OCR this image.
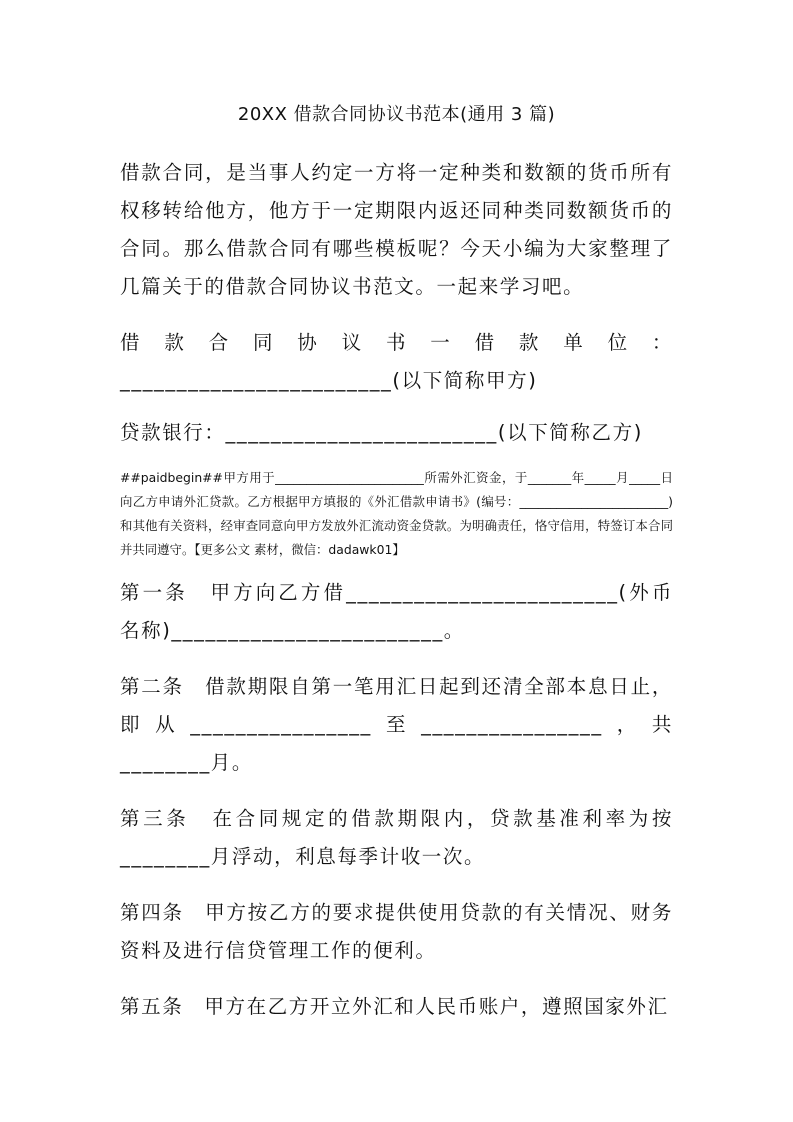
20XX 借款合同协议书范本(通用 3 篇)

借款合同，是当事人约定一方将一定种类和数额的货币所有权移转给他方，他方于一定期限内返还同种类同数额货币的合同。那么借款合同有哪些模板呢？今天小编为大家整理了几篇关于的借款合同协议书范文。一起来学习吧。

借款合同协议书一借款单位：________________________(以下简称甲方)

贷款银行：________________________(以下简称乙方)

##paidbegin##甲方用于________________________所需外汇资金，于_______年_____月_____日向乙方申请外汇贷款。乙方根据甲方填报的《外汇借款申请书》(编号：________________________)和其他有关资料，经审查同意向甲方发放外汇流动资金贷款。为明确责任，恪守信用，特签订本合同并共同遵守。【更多公文 素材，微信：dadawk01】

第一条　甲方向乙方借________________________(外币名称)________________________。

第二条　借款期限自第一笔用汇日起到还清全部本息日止，即从________________至________________，共________月。

第三条　在合同规定的借款期限内，贷款基准利率为按________月浮动，利息每季计收一次。

第四条　甲方按乙方的要求提供使用贷款的有关情况、财务资料及进行信贷管理工作的便利。

第五条　甲方在乙方开立外汇和人民币账户，遵照国家外汇
